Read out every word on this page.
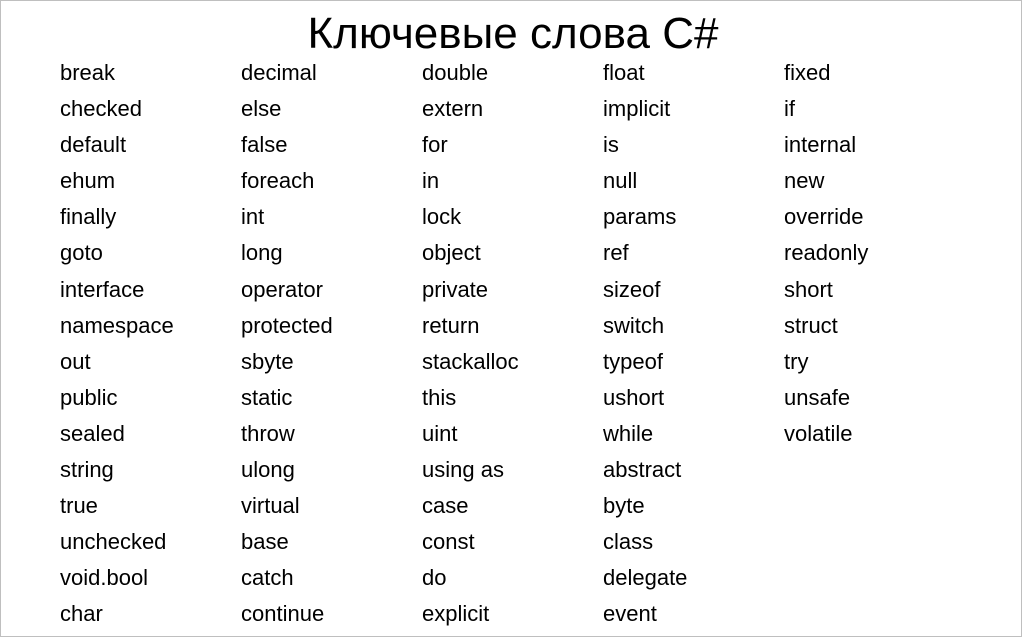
Ключевые слова C#
break
checked
default
ehum
finally
goto
interface
namespace
out
public
sealed
string
true
unchecked
void.bool
char
decimal
else
false
foreach
int
long
operator
protected
sbyte
static
throw
ulong
virtual
base
catch
continue
double
extern
for
in
lock
object
private
return
stackalloc
this
uint
using as
case
const
do
explicit
float
implicit
is
null
params
ref
sizeof
switch
typeof
ushort
while
abstract
byte
class
delegate
event
fixed
if
internal
new
override
readonly
short
struct
try
unsafe
volatile
